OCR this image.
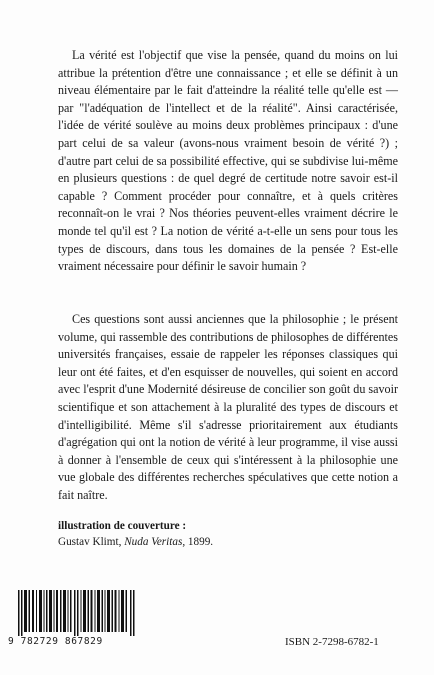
La vérité est l'objectif que vise la pensée, quand du moins on lui attribue la prétention d'être une connaissance ; et elle se définit à un niveau élémentaire par le fait d'atteindre la réalité telle qu'elle est — par "l'adéquation de l'intellect et de la réalité". Ainsi caractérisée, l'idée de vérité soulève au moins deux problèmes principaux : d'une part celui de sa valeur (avons-nous vraiment besoin de vérité ?) ; d'autre part celui de sa possibilité effective, qui se subdivise lui-même en plusieurs questions : de quel degré de certitude notre savoir est-il capable ? Comment procéder pour connaître, et à quels critères reconnaît-on le vrai ? Nos théories peuvent-elles vraiment décrire le monde tel qu'il est ? La notion de vérité a-t-elle un sens pour tous les types de discours, dans tous les domaines de la pensée ? Est-elle vraiment nécessaire pour définir le savoir humain ?

Ces questions sont aussi anciennes que la philosophie ; le présent volume, qui rassemble des contributions de philosophes de différentes universités françaises, essaie de rappeler les réponses classiques qui leur ont été faites, et d'en esquisser de nouvelles, qui soient en accord avec l'esprit d'une Modernité désireuse de concilier son goût du savoir scientifique et son attachement à la pluralité des types de discours et d'intelligibilité. Même s'il s'adresse prioritairement aux étudiants d'agrégation qui ont la notion de vérité à leur programme, il vise aussi à donner à l'ensemble de ceux qui s'intéressent à la philosophie une vue globale des différentes recherches spéculatives que cette notion a fait naître.

illustration de couverture :
Gustav Klimt, Nuda Veritas, 1899.
9 782729 867829	ISBN 2-7298-6782-1
